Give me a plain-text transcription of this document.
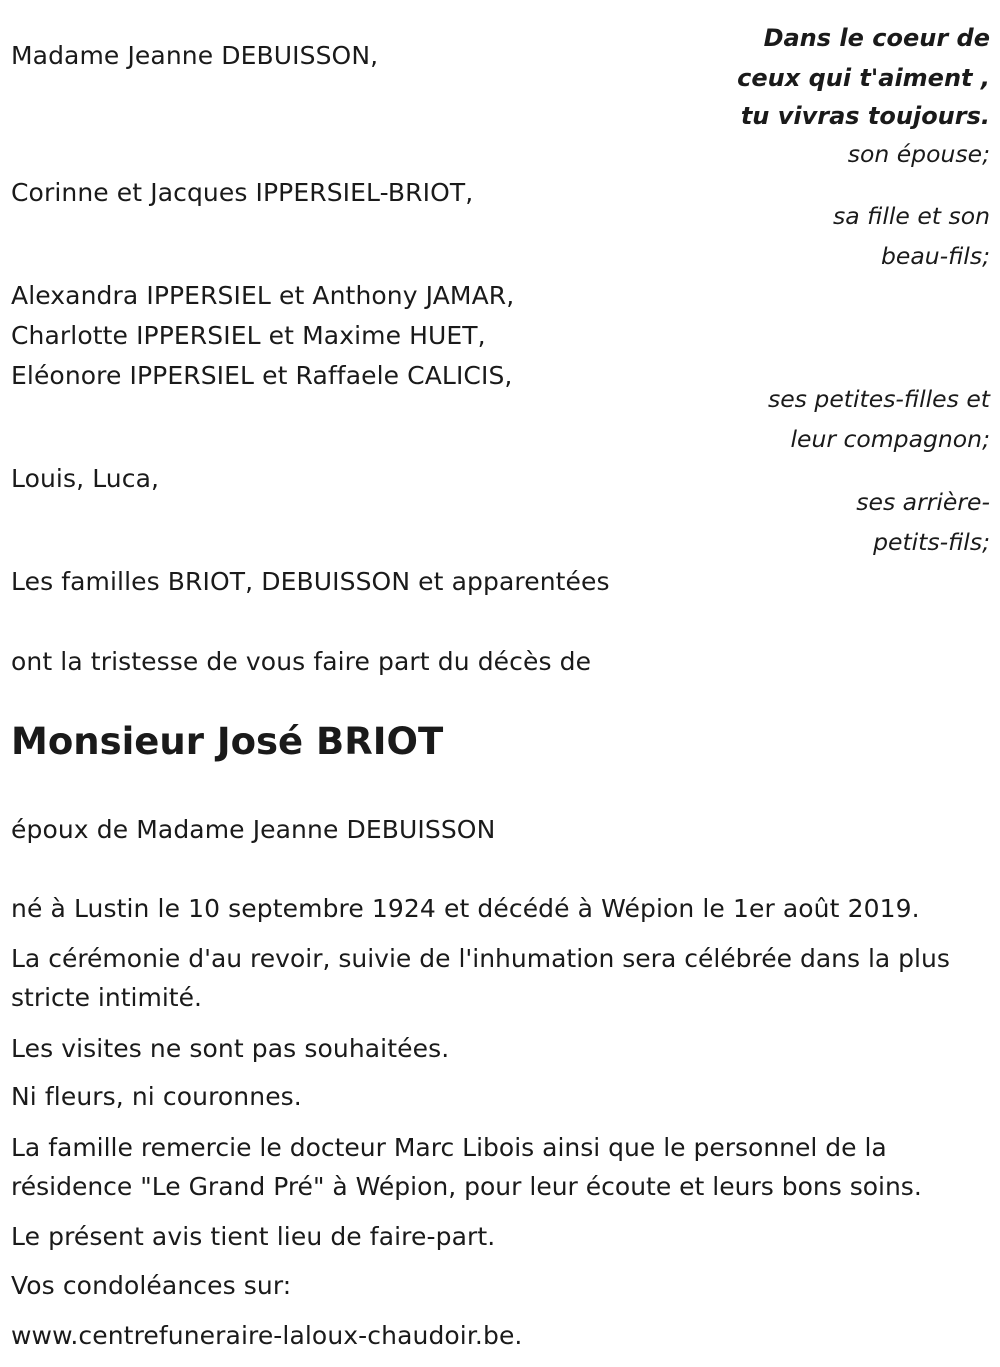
Dans le coeur de
ceux qui t'aiment ,
tu vivras toujours.
Madame Jeanne DEBUISSON,
son épouse;
Corinne et Jacques IPPERSIEL-BRIOT,
sa fille et son
beau-fils;
Alexandra IPPERSIEL et Anthony JAMAR,
Charlotte IPPERSIEL et Maxime HUET,
Eléonore IPPERSIEL et Raffaele CALICIS,
ses petites-filles et
leur compagnon;
Louis, Luca,
ses arrière-
petits-fils;
Les familles BRIOT, DEBUISSON et apparentées
ont la tristesse de vous faire part du décès de
Monsieur José BRIOT
époux de Madame Jeanne DEBUISSON
né à Lustin le 10 septembre 1924 et décédé à Wépion le 1er août 2019.
La cérémonie d'au revoir, suivie de l'inhumation sera célébrée dans la plus stricte intimité.
Les visites ne sont pas souhaitées.
Ni fleurs, ni couronnes.
La famille remercie le docteur Marc Libois ainsi que le personnel de la résidence "Le Grand Pré" à Wépion, pour leur écoute et leurs bons soins.
Le présent avis tient lieu de faire-part.
Vos condoléances sur:
www.centrefuneraire-laloux-chaudoir.be.
